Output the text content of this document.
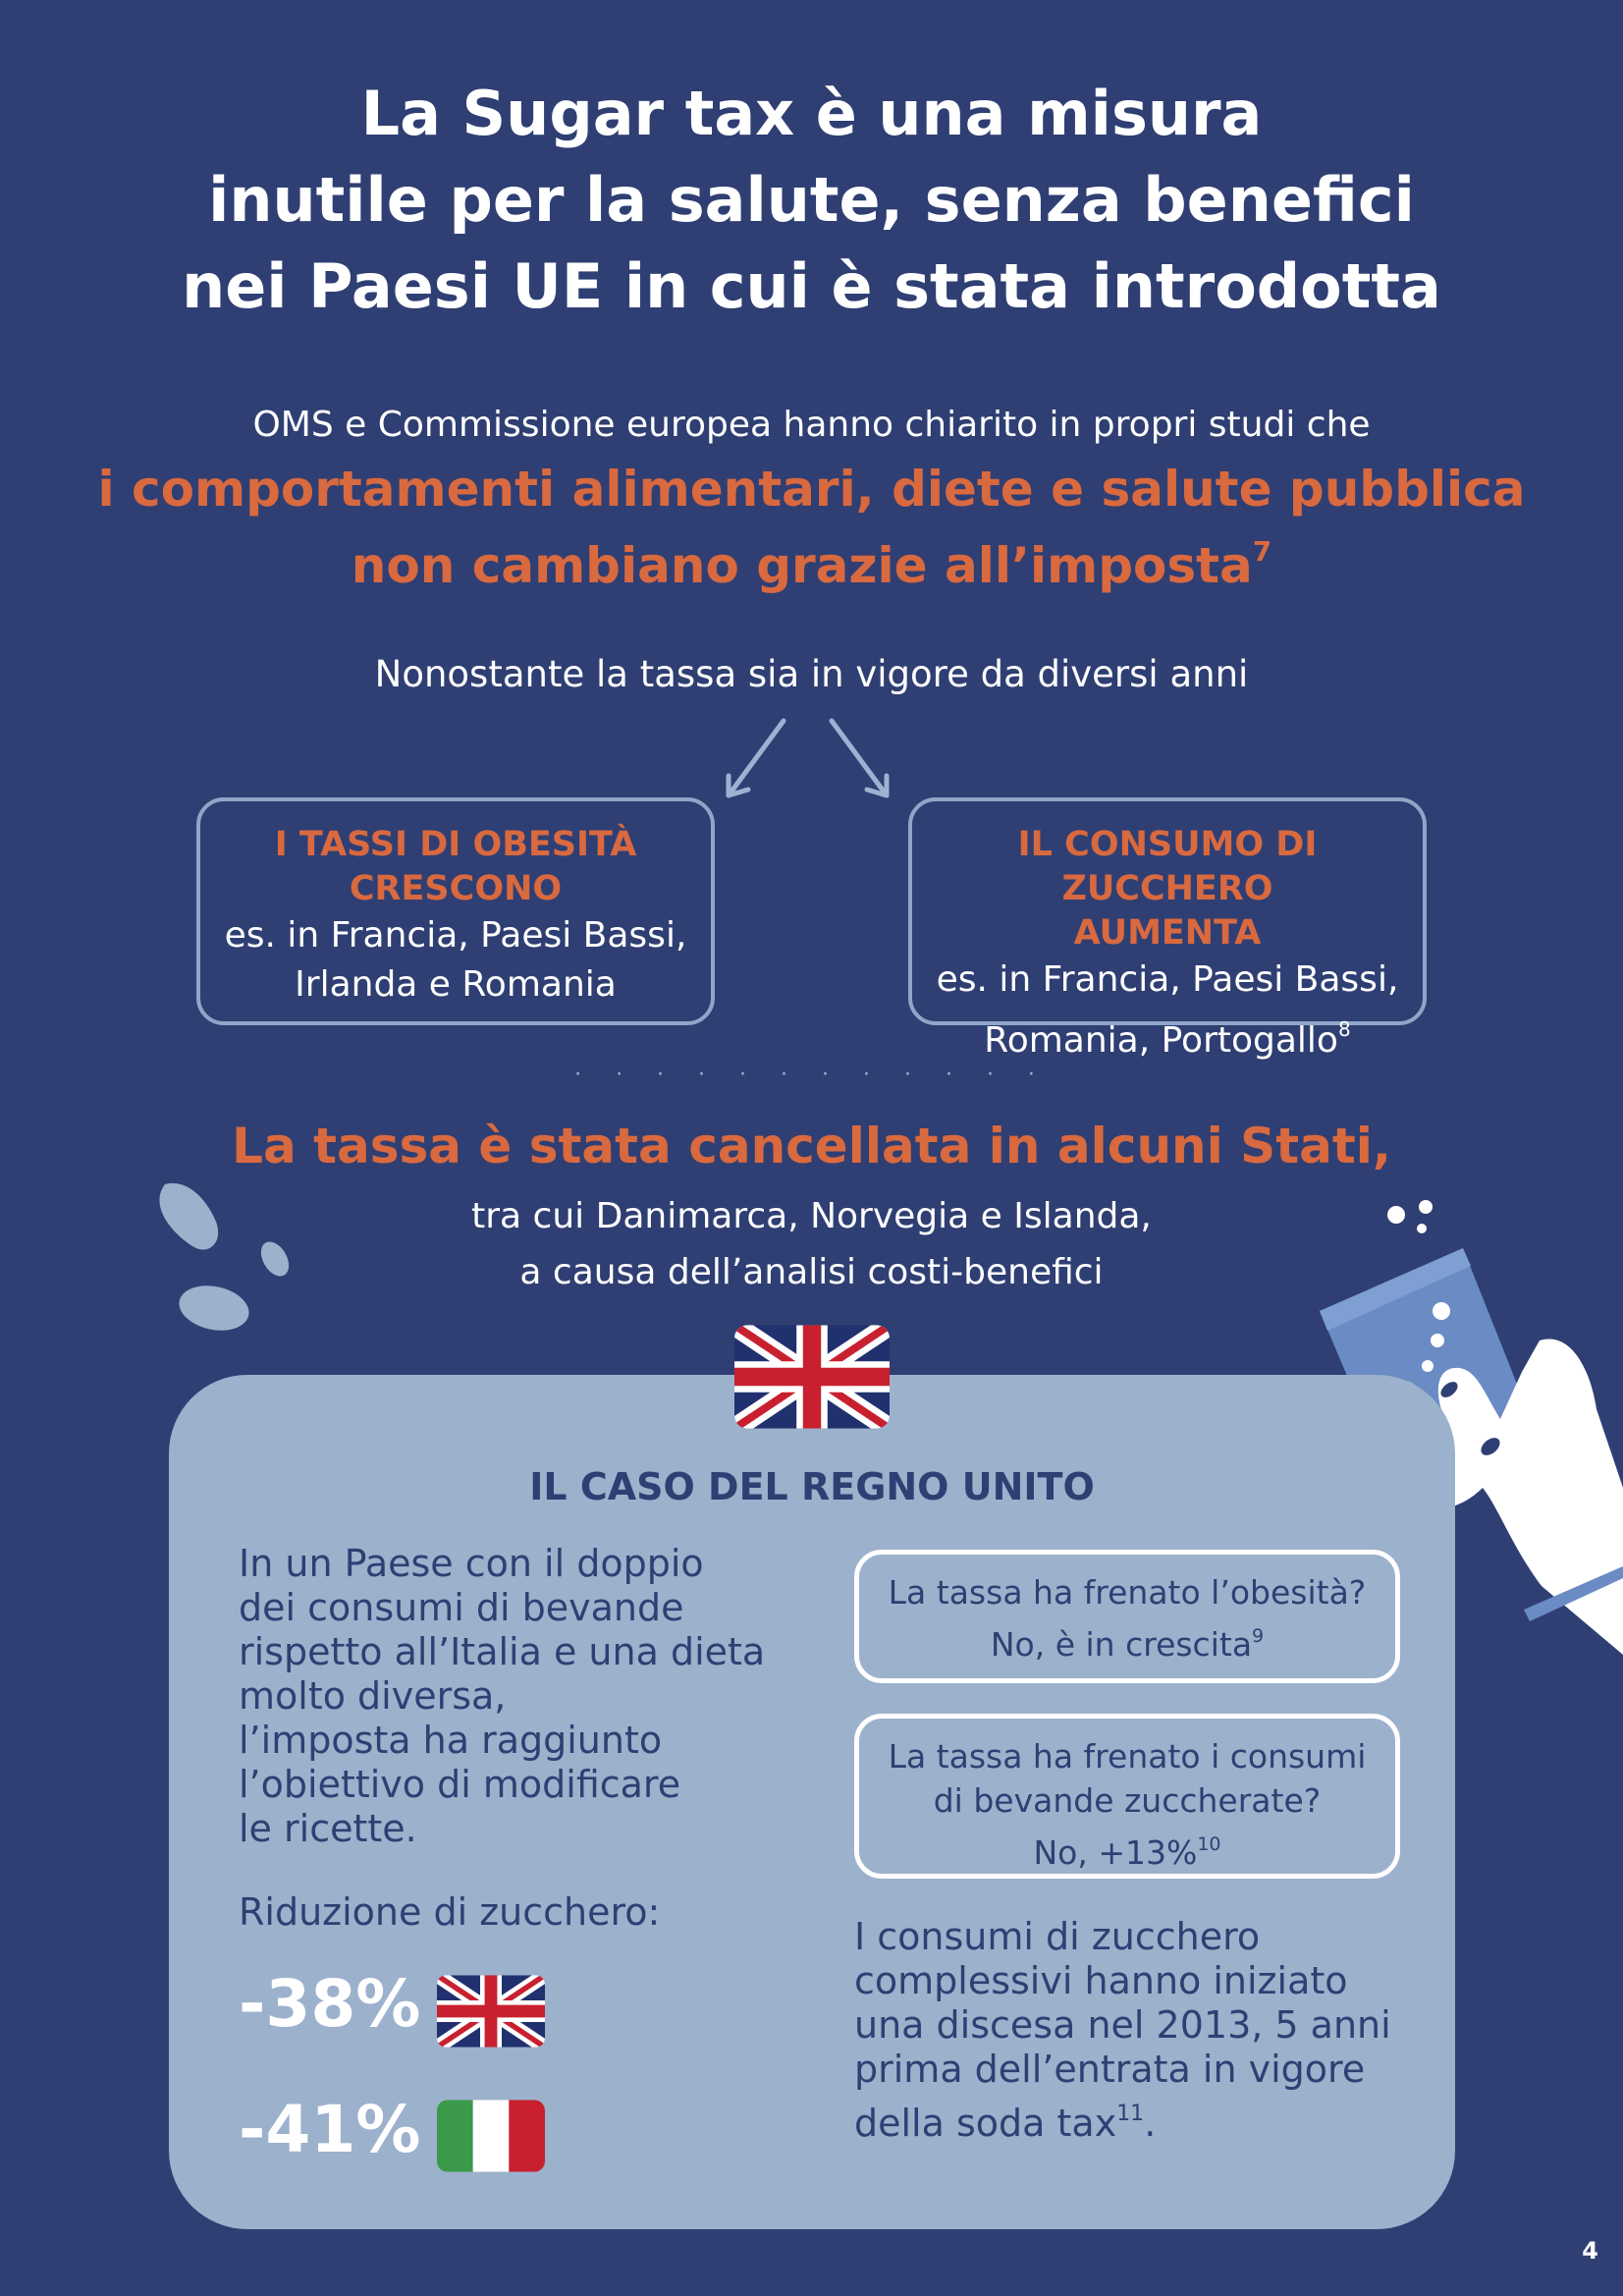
La Sugar tax è una misura
inutile per la salute, senza benefici
nei Paesi UE in cui è stata introdotta

OMS e Commissione europea hanno chiarito in propri studi che

i comportamenti alimentari, diete e salute pubblica
non cambiano grazie all’imposta$^7$

Nonostante la tassa sia in vigore da diversi anni

I TASSI DI OBESITÀ
CRESCONO
es. in Francia, Paesi Bassi,
Irlanda e Romania
IL CONSUMO DI ZUCCHERO
AUMENTA
es. in Francia, Paesi Bassi,
Romania, Portogallo$^8$
· · · · · · · · · · · ·
La tassa è stata cancellata in alcuni Stati,
tra cui Danimarca, Norvegia e Islanda,
a causa dell’analisi costi-benefici
IL CASO DEL REGNO UNITO
In un Paese con il doppio
dei consumi di bevande
rispetto all’Italia e una dieta
molto diversa,
l’imposta ha raggiunto
l’obiettivo di modificare
le ricette.

Riduzione di zucchero:

-38%
-41%
La tassa ha frenato l’obesità?
No, è in crescita$^9$
La tassa ha frenato i consumi
di bevande zuccherate?
No, +13%$^{10}$
I consumi di zucchero
complessivi hanno iniziato
una discesa nel 2013, 5 anni
prima dell’entrata in vigore
della soda tax$^{11}$.
4
